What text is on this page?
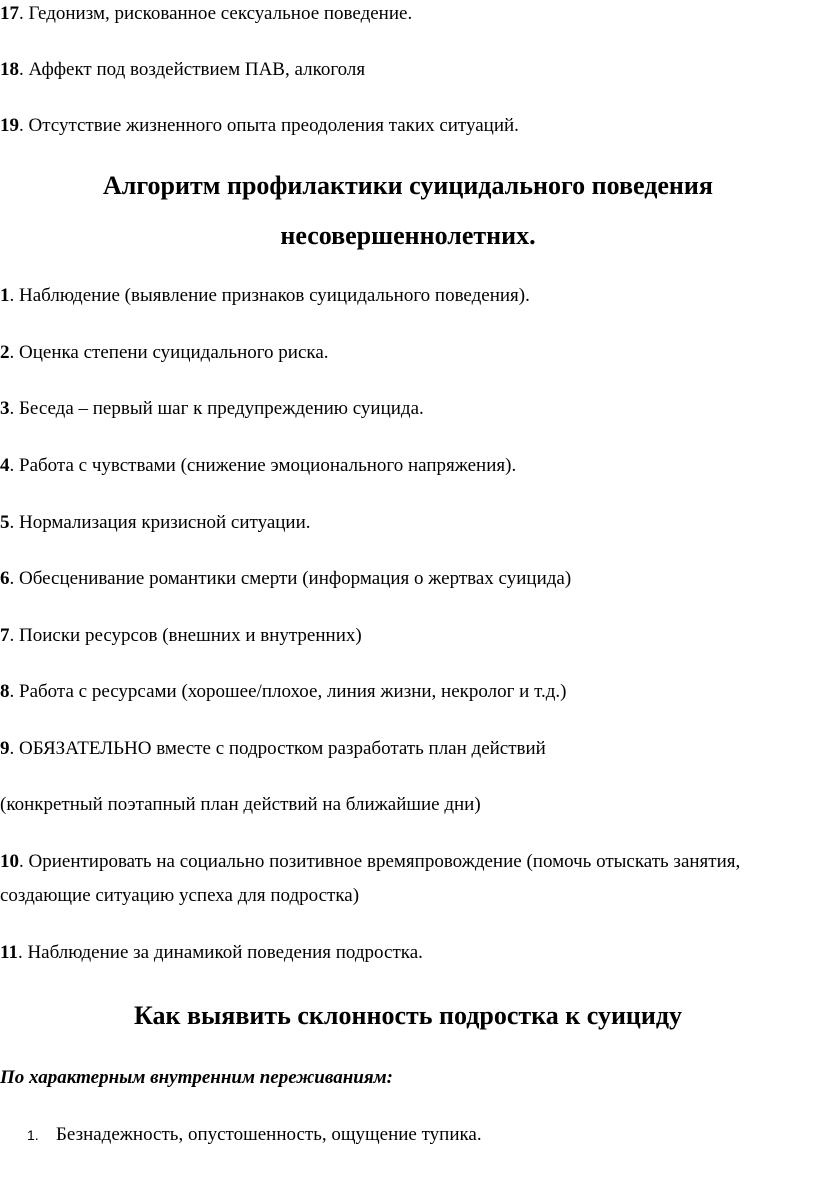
17. Гедонизм, рискованное сексуальное поведение.
18. Аффект под воздействием ПАВ, алкоголя
19. Отсутствие жизненного опыта преодоления таких ситуаций.
Алгоритм профилактики суицидального поведения
несовершеннолетних.
1. Наблюдение (выявление признаков суицидального поведения).
2. Оценка степени суицидального риска.
3. Беседа – первый шаг к предупреждению суицида.
4. Работа с чувствами (снижение эмоционального напряжения).
5. Нормализация кризисной ситуации.
6. Обесценивание романтики смерти (информация о жертвах суицида)
7. Поиски ресурсов (внешних и внутренних)
8. Работа с ресурсами (хорошее/плохое, линия жизни, некролог и т.д.)
9. ОБЯЗАТЕЛЬНО вместе с подростком разработать план действий
(конкретный поэтапный план действий на ближайшие дни)
10. Ориентировать на социально позитивное времяпровождение (помочь отыскать занятия,
создающие ситуацию успеха для подростка)
11. Наблюдение за динамикой поведения подростка.
Как выявить склонность подростка к суициду
По характерным внутренним переживаниям:
1. Безнадежность, опустошенность, ощущение тупика.
